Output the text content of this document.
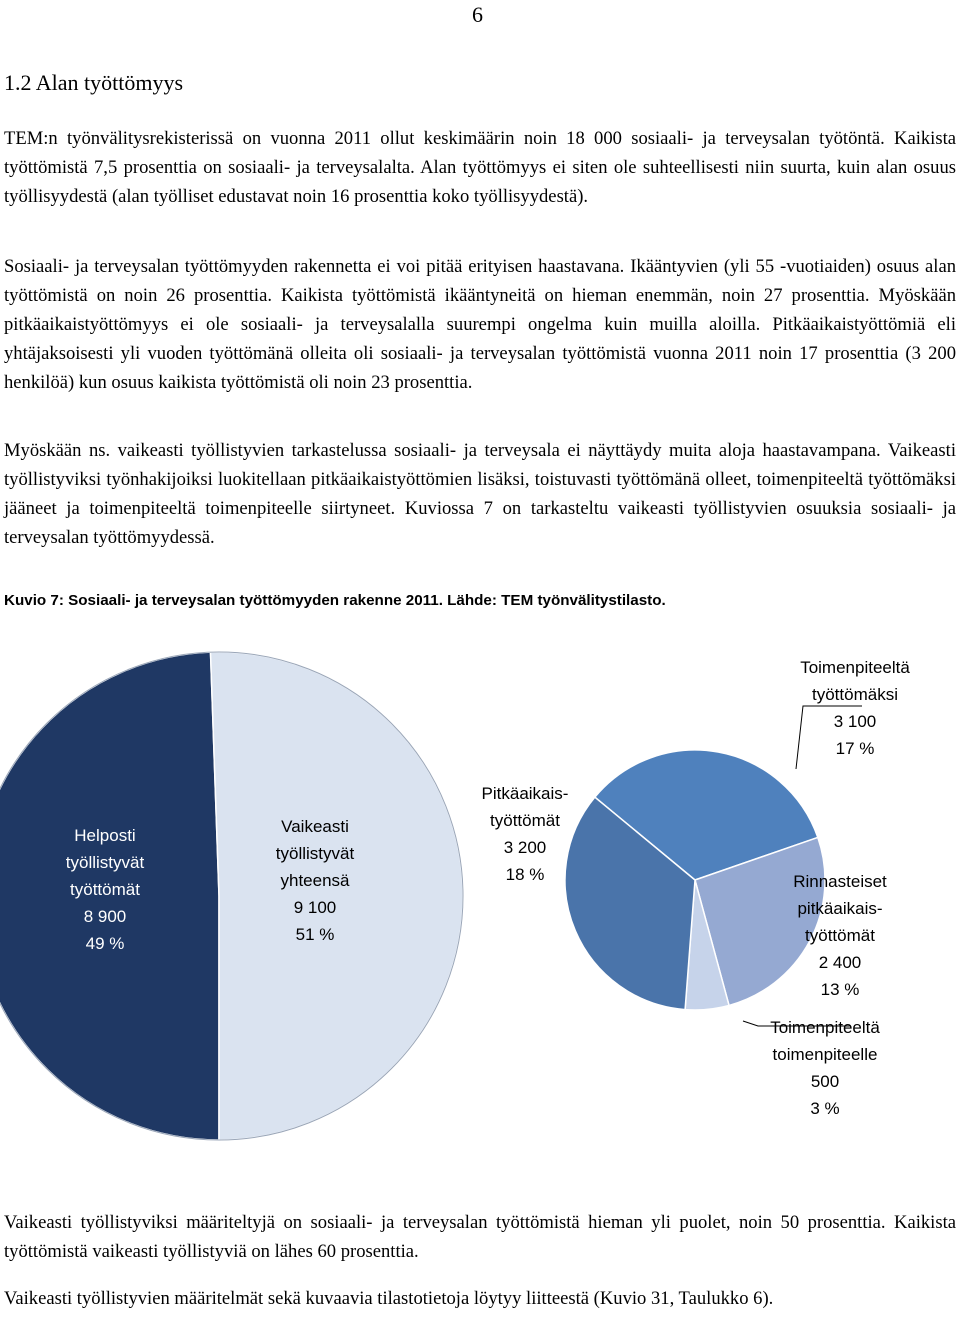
6
1.2 Alan työttömyys

TEM:n työnvälitysrekisterissä on vuonna 2011 ollut keskimäärin noin 18 000 sosiaali- ja terveysalan työtöntä. Kaikista työttömistä 7,5 prosenttia on sosiaali- ja terveysalalta. Alan työttömyys ei siten ole suhteellisesti niin suurta, kuin alan osuus työllisyydestä (alan työlliset edustavat noin 16 prosenttia koko työllisyydestä).

Sosiaali- ja terveysalan työttömyyden rakennetta ei voi pitää erityisen haastavana. Ikääntyvien (yli 55 -vuotiaiden) osuus alan työttömistä on noin 26 prosenttia. Kaikista työttömistä ikääntyneitä on hieman enemmän, noin 27 prosenttia. Myöskään pitkäaikaistyöttömyys ei ole sosiaali- ja terveysalalla suurempi ongelma kuin muilla aloilla. Pitkäaikaistyöttömiä eli yhtäjaksoisesti yli vuoden työttömänä olleita oli sosiaali- ja terveysalan työttömistä vuonna 2011 noin 17 prosenttia (3 200 henkilöä) kun osuus kaikista työttömistä oli noin 23 prosenttia.

Myöskään ns. vaikeasti työllistyvien tarkastelussa sosiaali- ja terveysala ei näyttäydy muita aloja haastavampana. Vaikeasti työllistyviksi työnhakijoiksi luokitellaan pitkäaikaistyöttömien lisäksi, toistuvasti työttömänä olleet, toimenpiteeltä työttömäksi jääneet ja toimenpiteeltä toimenpiteelle siirtyneet. Kuviossa 7 on tarkasteltu vaikeasti työllistyvien osuuksia sosiaali- ja terveysalan työttömyydessä.

Kuvio 7: Sosiaali- ja terveysalan työttömyyden rakenne 2011. Lähde: TEM työnvälitystilasto.
Helposti työllistyvät työttömät 8 900 49 %
Vaikeasti työllistyvät yhteensä 9 100 51 %
Toimenpiteeltä työttömäksi 3 100 17 %
Rinnasteiset pitkäaikais-työttömät 2 400 13 %
Toimenpiteeltä toimenpiteelle 500 3 %
Pitkäaikais-työttömät 3 200 18 %

Vaikeasti työllistyviksi määriteltyjä on sosiaali- ja terveysalan työttömistä hieman yli puolet, noin 50 prosenttia. Kaikista työttömistä vaikeasti työllistyviä on lähes 60 prosenttia.

Vaikeasti työllistyvien määritelmät sekä kuvaavia tilastotietoja löytyy liitteestä (Kuvio 31, Taulukko 6).
